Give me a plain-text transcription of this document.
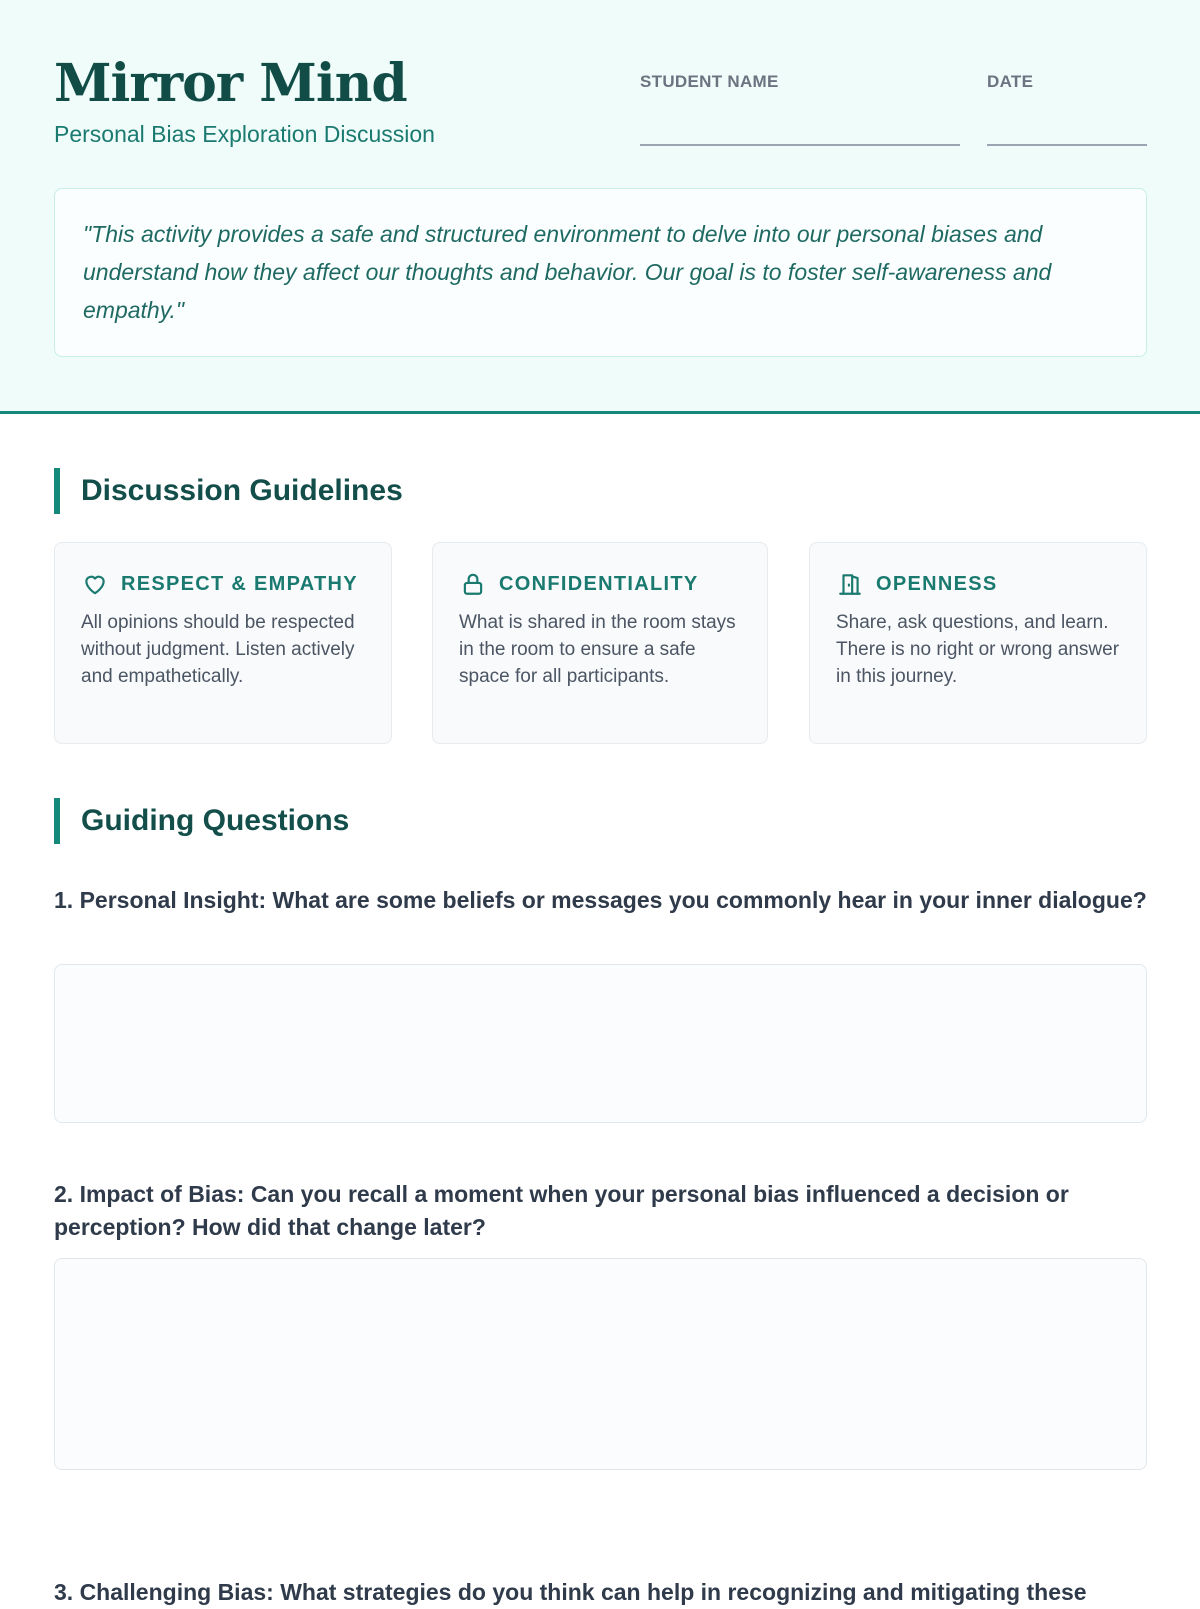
Mirror Mind
Personal Bias Exploration Discussion
STUDENT NAME	DATE

"This activity provides a safe and structured environment to delve into our personal biases and understand how they affect our thoughts and behavior. Our goal is to foster self-awareness and empathy."

Discussion Guidelines
RESPECT & EMPATHY
All opinions should be respected without judgment. Listen actively and empathetically.
CONFIDENTIALITY
What is shared in the room stays in the room to ensure a safe space for all participants.
OPENNESS
Share, ask questions, and learn. There is no right or wrong answer in this journey.
Guiding Questions

1. Personal Insight: What are some beliefs or messages you commonly hear in your inner dialogue?

2. Impact of Bias: Can you recall a moment when your personal bias influenced a decision or perception? How did that change later?

3. Challenging Bias: What strategies do you think can help in recognizing and mitigating these
